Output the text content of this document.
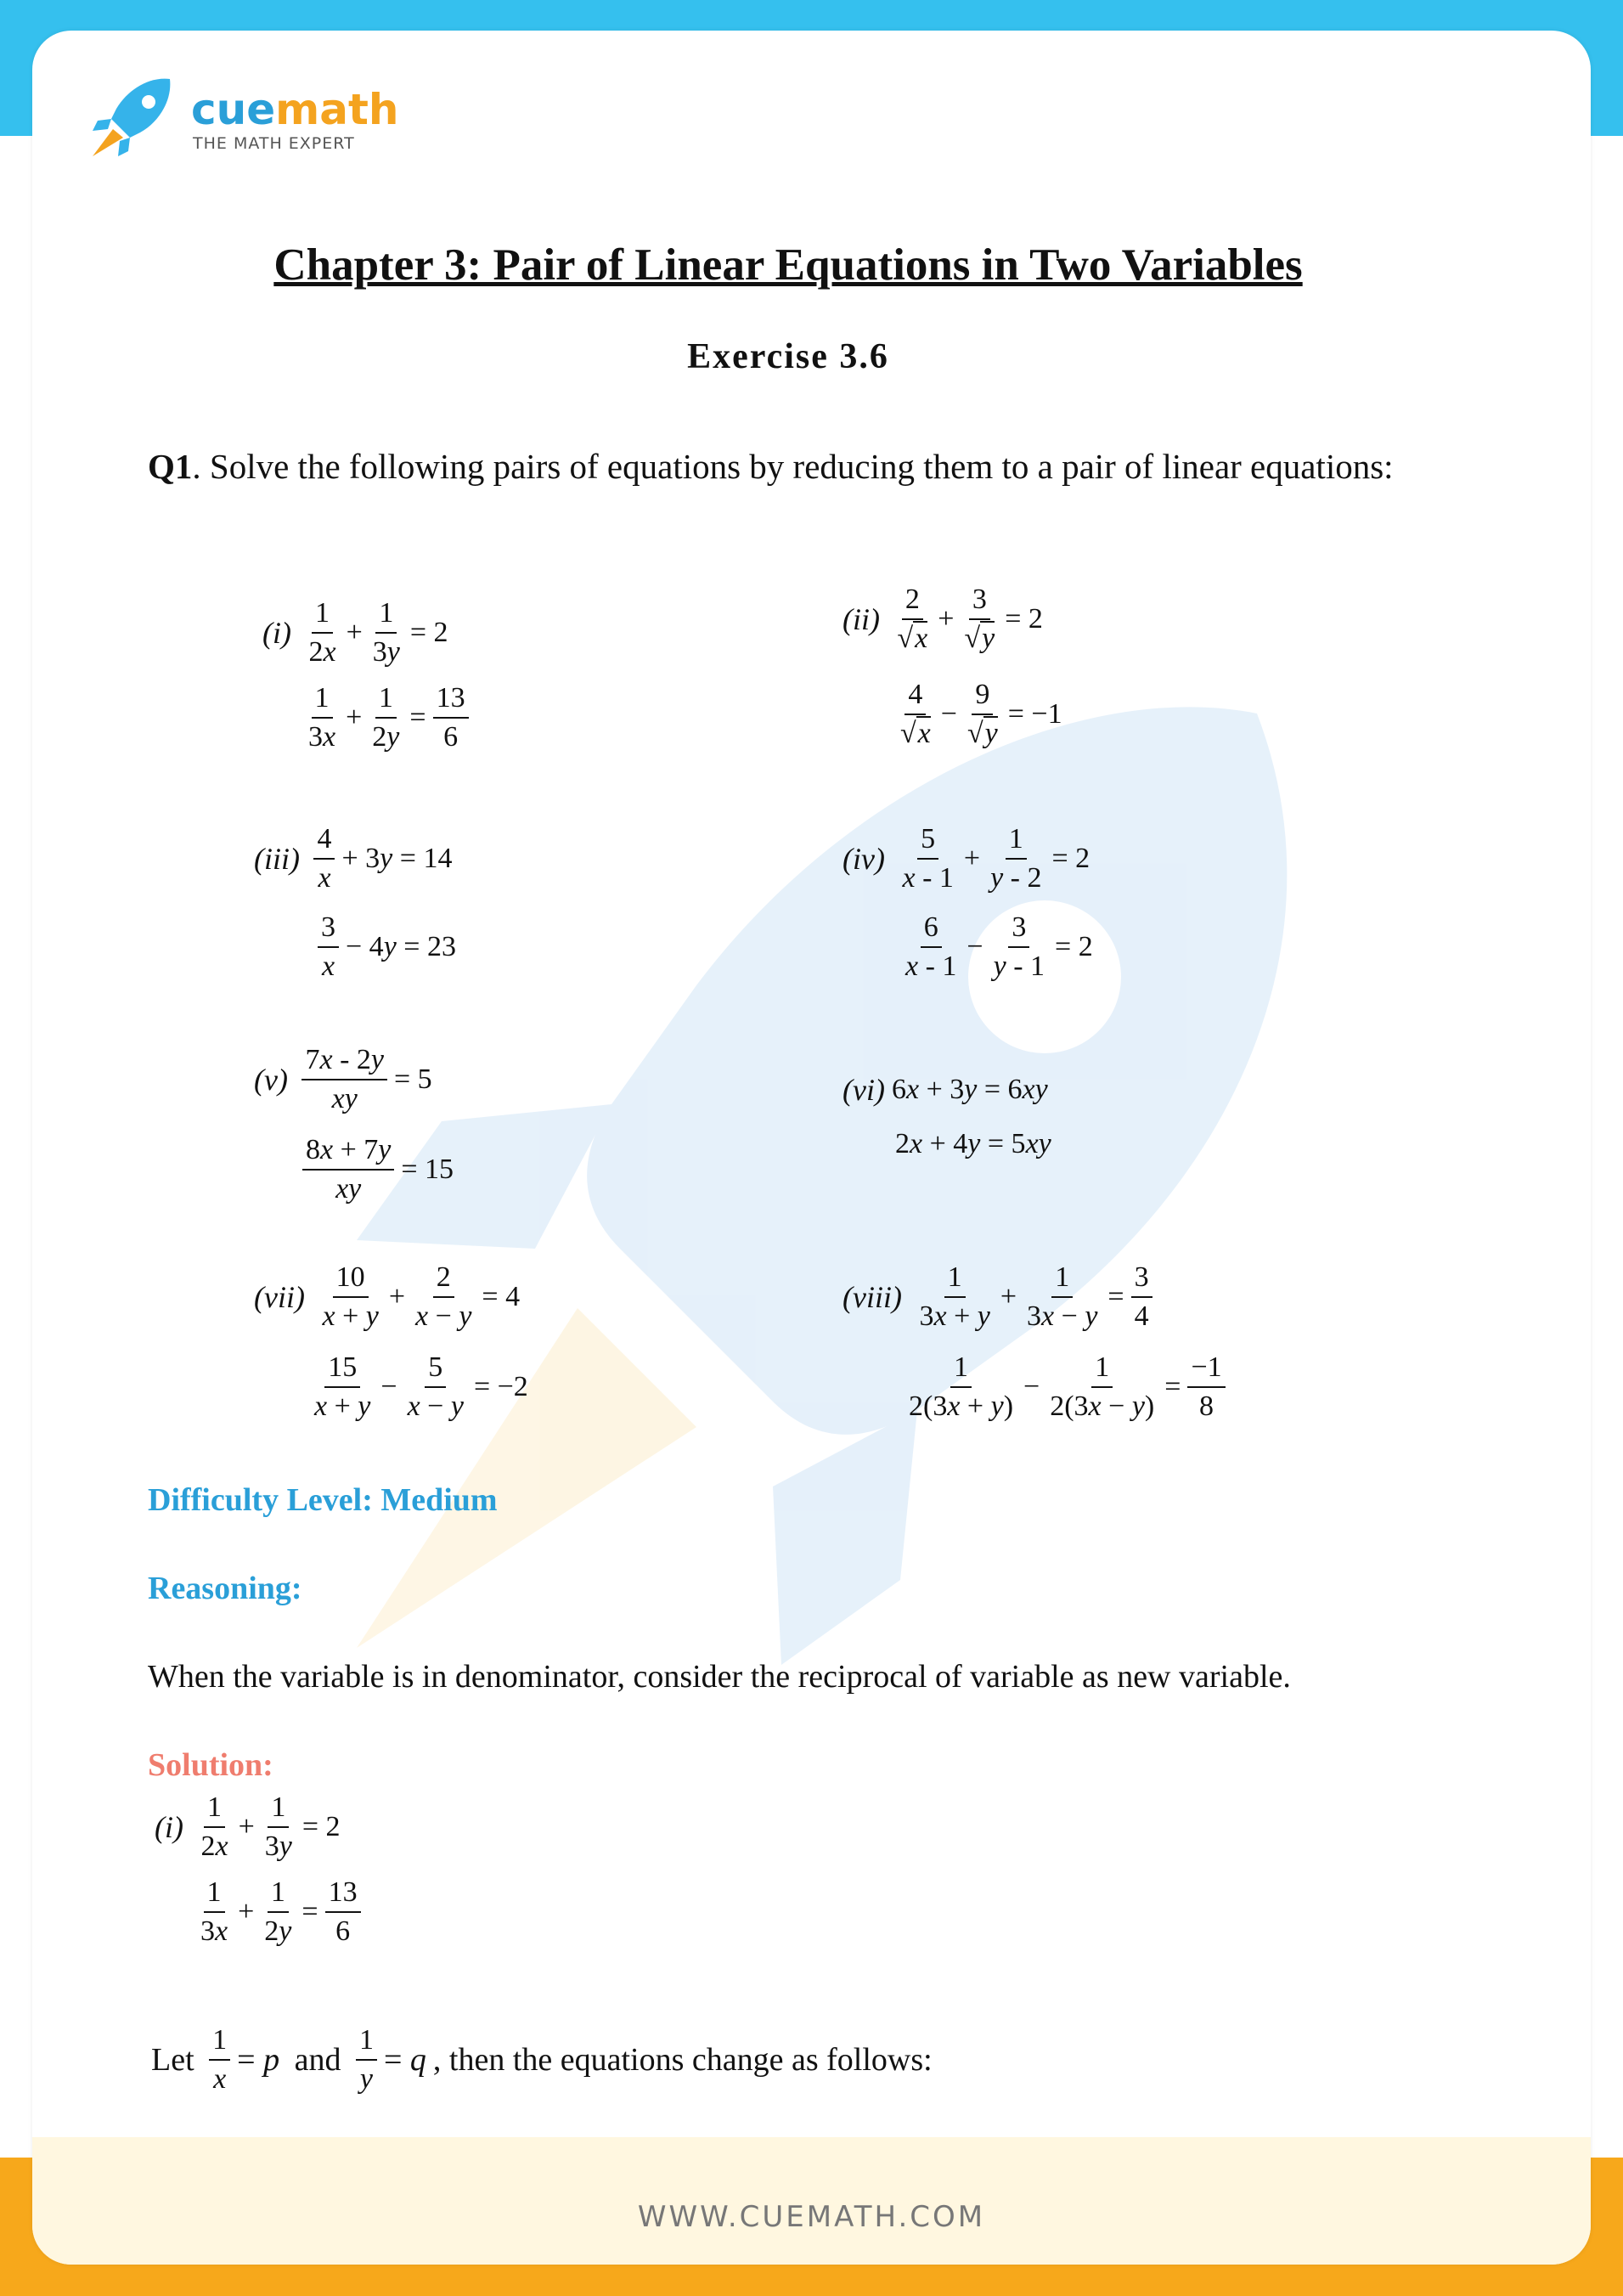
cuemath
THE MATH EXPERT
Chapter 3: Pair of Linear Equations in Two Variables
Exercise 3.6
Q1. Solve the following pairs of equations by reducing them to a pair of linear equations:
$(i) \frac{1}{2x} + \frac{1}{3y} = 2$
$\frac{1}{3x} + \frac{1}{2y} = \frac{13}{6}$
$(ii) \frac{2}{√x} + \frac{3}{√y} = 2$
$\frac{4}{√x} - \frac{9}{√y} = -1$
$(iii) \frac{4}{x} + 3y = 14$
$\frac{3}{x} - 4y = 23$
$(iv) \frac{5}{x - 1} + \frac{1}{y - 2} = 2$
$\frac{6}{x - 1} - \frac{3}{y - 1} = 2$
$(v) \frac{7x - 2y}{xy} = 5$
$\frac{8x + 7y}{xy} = 15$
(vi) 6x + 3y = 6xy
2x + 4y = 5xy
$(vii) \frac{10}{x + y} + \frac{2}{x - y} = 4$
$\frac{15}{x + y} - \frac{5}{x - y} = -2$
(viii) $\frac{1}{3x + y} + \frac{1}{3x - y} = \frac{3}{4}$
$\frac{1}{2(3x + y)} - \frac{1}{2(3x - y)} = \frac{-1}{8}$
Difficulty Level: Medium
Reasoning:
When the variable is in denominator, consider the reciprocal of variable as new variable.
Solution:
$(i) \frac{1}{2x} + \frac{1}{3y} = 2$
$\frac{1}{3x} + \frac{1}{2y} = \frac{13}{6}$
Let $\frac{1}{x} = p$ and $\frac{1}{y} = q$ , then the equations change as follows:
WWW.CUEMATH.COM
